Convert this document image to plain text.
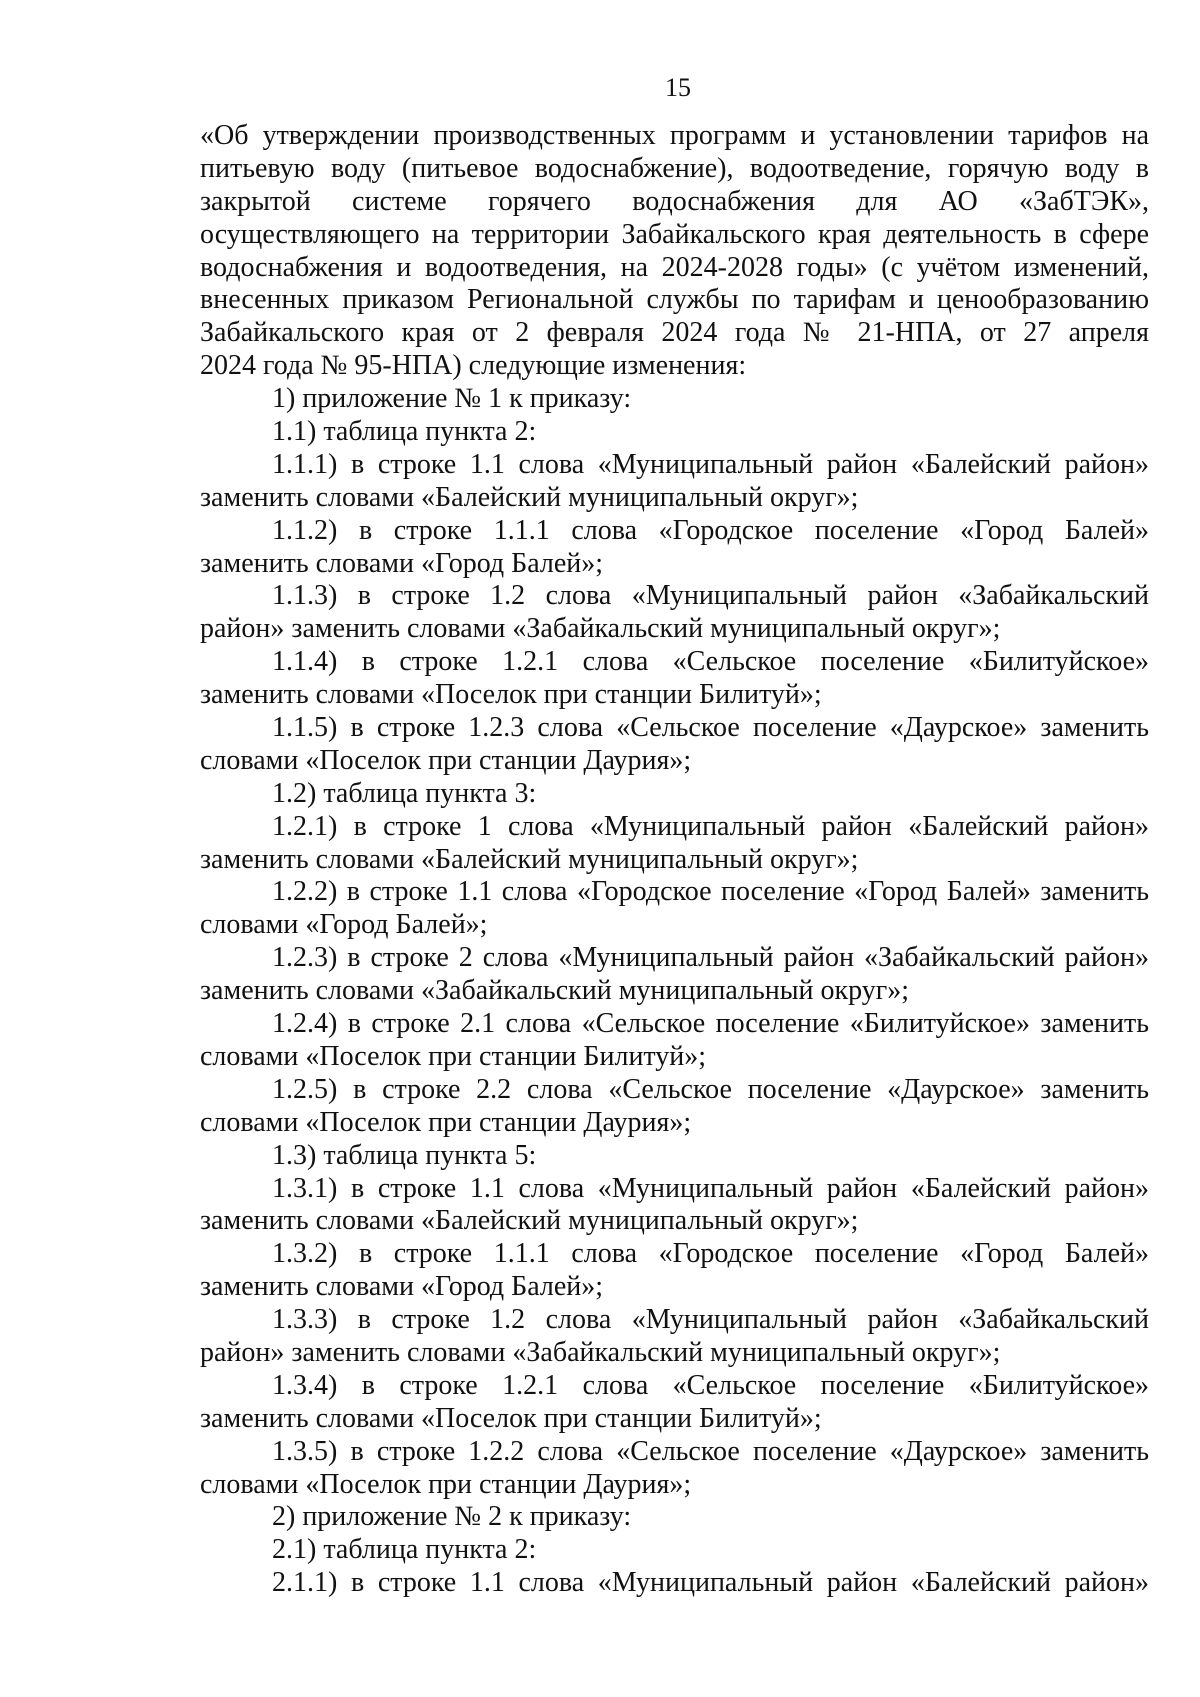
15
«Об утверждении производственных программ и установлении тарифов на
питьевую воду (питьевое водоснабжение), водоотведение, горячую воду в
закрытой системе горячего водоснабжения для АО «ЗабТЭК»,
осуществляющего на территории Забайкальского края деятельность в сфере
водоснабжения и водоотведения, на 2024-2028 годы» (с учётом изменений,
внесенных приказом Региональной службы по тарифам и ценообразованию
Забайкальского края от 2 февраля 2024 года № 21-НПА, от 27 апреля
2024 года № 95-НПА) следующие изменения:
1) приложение № 1 к приказу:
1.1) таблица пункта 2:
1.1.1) в строке 1.1 слова «Муниципальный район «Балейский район»
заменить словами «Балейский муниципальный округ»;
1.1.2) в строке 1.1.1 слова «Городское поселение «Город Балей»
заменить словами «Город Балей»;
1.1.3) в строке 1.2 слова «Муниципальный район «Забайкальский
район» заменить словами «Забайкальский муниципальный округ»;
1.1.4) в строке 1.2.1 слова «Сельское поселение «Билитуйское»
заменить словами «Поселок при станции Билитуй»;
1.1.5) в строке 1.2.3 слова «Сельское поселение «Даурское» заменить
словами «Поселок при станции Даурия»;
1.2) таблица пункта 3:
1.2.1) в строке 1 слова «Муниципальный район «Балейский район»
заменить словами «Балейский муниципальный округ»;
1.2.2) в строке 1.1 слова «Городское поселение «Город Балей» заменить
словами «Город Балей»;
1.2.3) в строке 2 слова «Муниципальный район «Забайкальский район»
заменить словами «Забайкальский муниципальный округ»;
1.2.4) в строке 2.1 слова «Сельское поселение «Билитуйское» заменить
словами «Поселок при станции Билитуй»;
1.2.5) в строке 2.2 слова «Сельское поселение «Даурское» заменить
словами «Поселок при станции Даурия»;
1.3) таблица пункта 5:
1.3.1) в строке 1.1 слова «Муниципальный район «Балейский район»
заменить словами «Балейский муниципальный округ»;
1.3.2) в строке 1.1.1 слова «Городское поселение «Город Балей»
заменить словами «Город Балей»;
1.3.3) в строке 1.2 слова «Муниципальный район «Забайкальский
район» заменить словами «Забайкальский муниципальный округ»;
1.3.4) в строке 1.2.1 слова «Сельское поселение «Билитуйское»
заменить словами «Поселок при станции Билитуй»;
1.3.5) в строке 1.2.2 слова «Сельское поселение «Даурское» заменить
словами «Поселок при станции Даурия»;
2) приложение № 2 к приказу:
2.1) таблица пункта 2:
2.1.1) в строке 1.1 слова «Муниципальный район «Балейский район»
